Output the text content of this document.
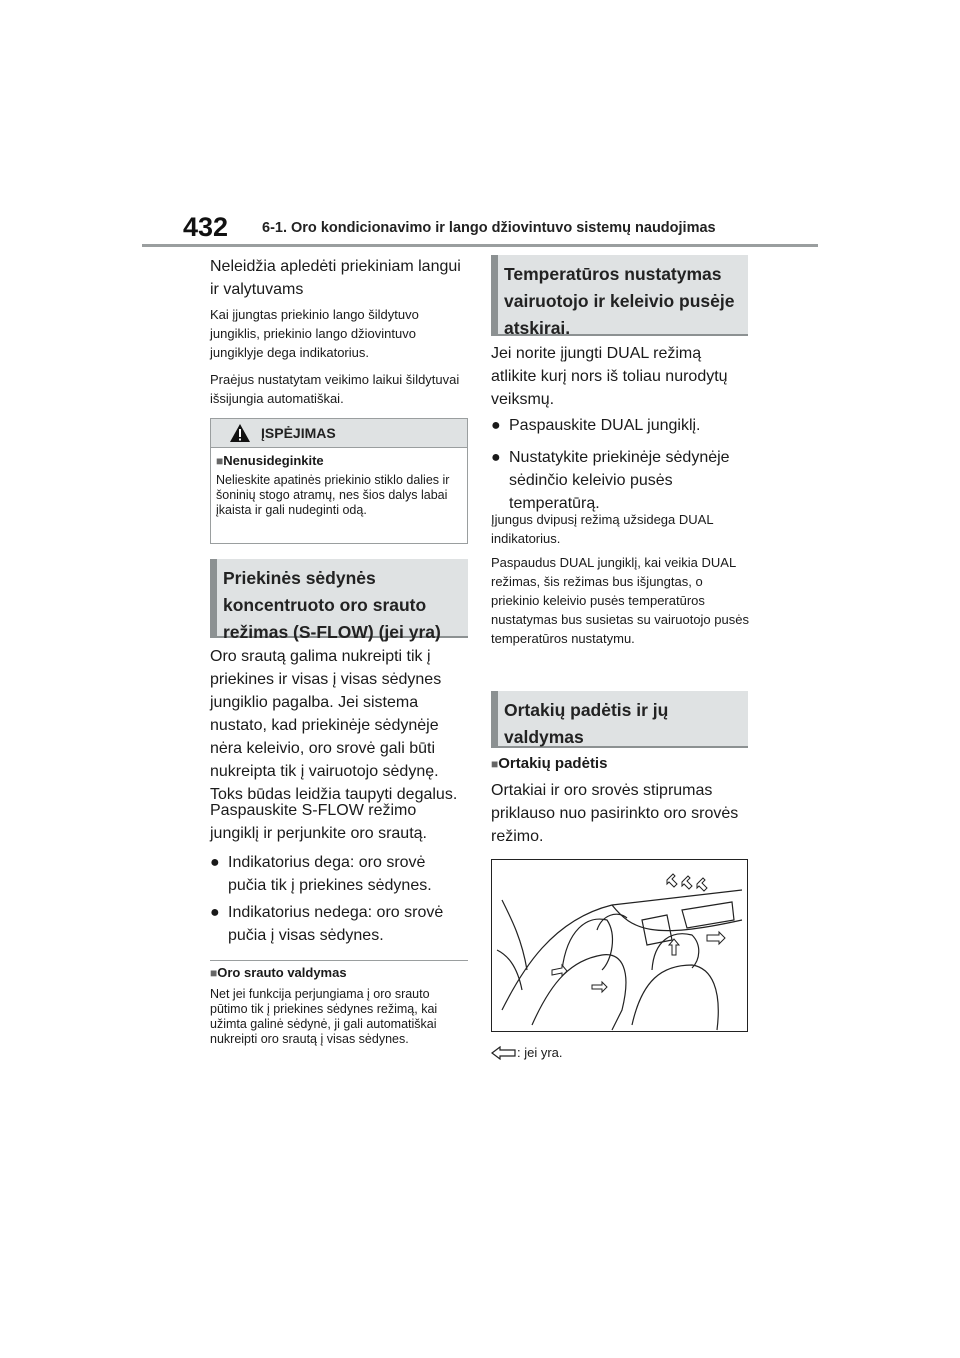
432 6-1. Oro kondicionavimo ir lango džiovintuvo sistemų naudojimas
Neleidžia apledėti priekiniam langui ir valytuvams
Kai įjungtas priekinio lango šildytuvo jungiklis, priekinio lango džiovintuvo jungiklyje dega indikatorius.
Praėjus nustatytam veikimo laikui šildytuvai išsijungia automatiškai.
ĮSPĖJIMAS
■Nenusideginkite
Nelieskite apatinės priekinio stiklo dalies ir šoninių stogo atramų, nes šios dalys labai įkaista ir gali nudeginti odą.
Priekinės sėdynės koncentruoto oro srauto režimas (S-FLOW) (jei yra)
Oro srautą galima nukreipti tik į priekines ir visas į visas sėdynes jungiklio pagalba. Jei sistema nustato, kad priekinėje sėdynėje nėra keleivio, oro srovė gali būti nukreipta tik į vairuotojo sėdynę. Toks būdas leidžia taupyti degalus.
Paspauskite S-FLOW režimo jungiklį ir perjunkite oro srautą.
● Indikatorius dega: oro srovė pučia tik į priekines sėdynes.
● Indikatorius nedega: oro srovė pučia į visas sėdynes.
■Oro srauto valdymas
Net jei funkcija perjungiama į oro srauto pūtimo tik į priekines sėdynes režimą, kai užimta galinė sėdynė, ji gali automatiškai nukreipti oro srautą į visas sėdynes.
Temperatūros nustatymas vairuotojo ir keleivio pusėje atskirai.
Jei norite įjungti DUAL režimą atlikite kurį nors iš toliau nurodytų veiksmų.
● Paspauskite DUAL jungiklį.
● Nustatykite priekinėje sėdynėje sėdinčio keleivio pusės temperatūrą.
Įjungus dvipusį režimą užsidega DUAL indikatorius.
Paspaudus DUAL jungiklį, kai veikia DUAL režimas, šis režimas bus išjungtas, o priekinio keleivio pusės temperatūros nustatymas bus susietas su vairuotojo pusės temperatūros nustatymu.
Ortakių padėtis ir jų valdymas
■Ortakių padėtis
Ortakiai ir oro srovės stiprumas priklauso nuo pasirinkto oro srovės režimo.
: jei yra.
